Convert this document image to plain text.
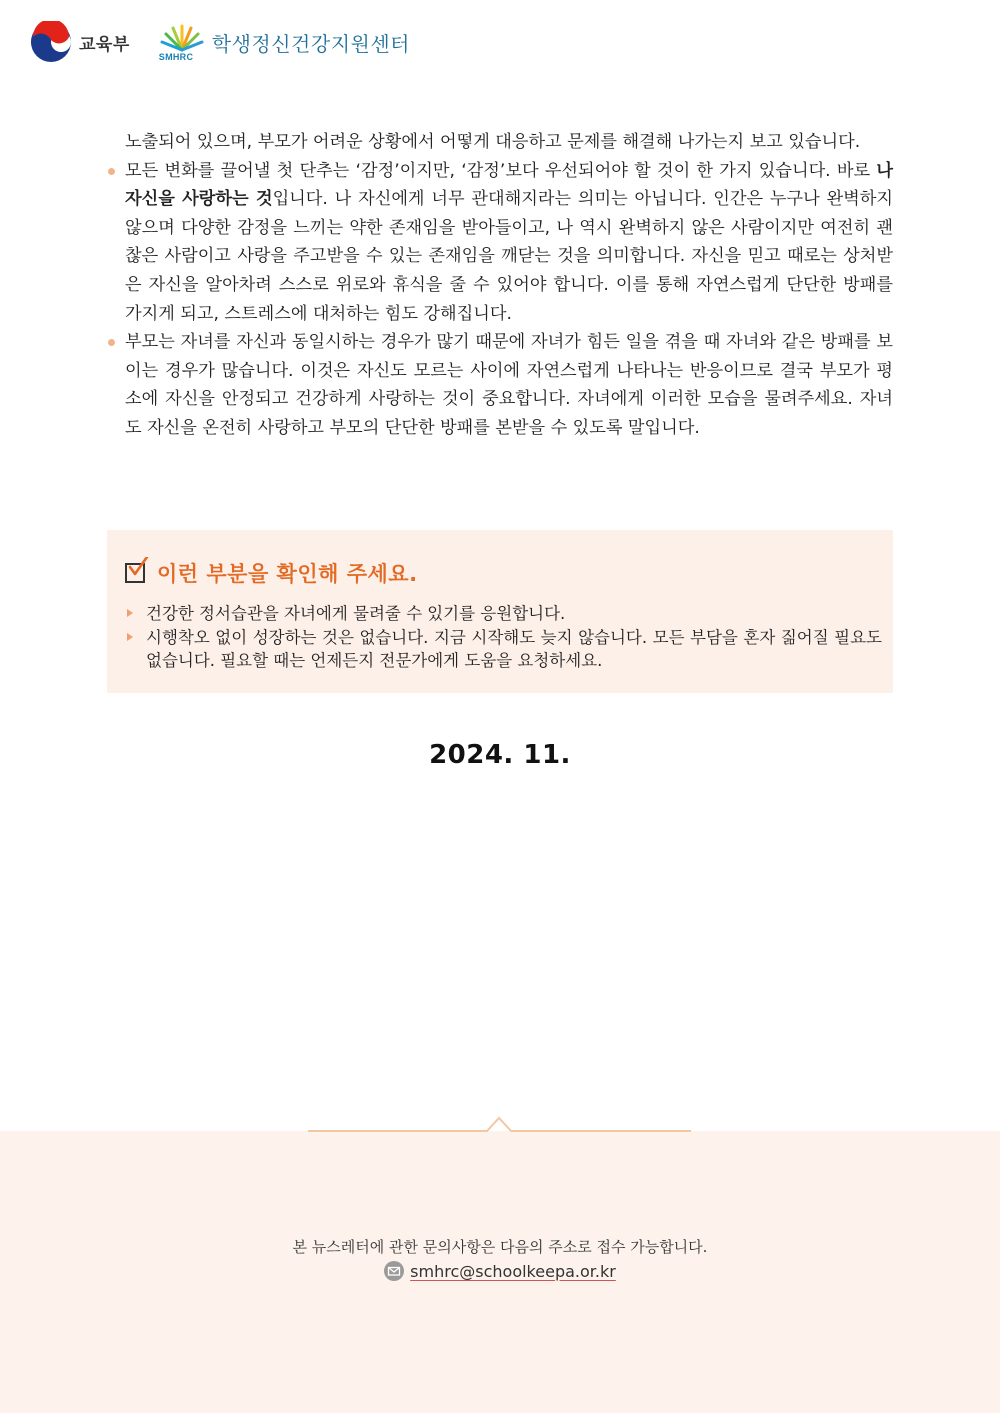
교육부
SMHRC
학생정신건강지원센터

노출되어 있으며, 부모가 어려운 상황에서 어떻게 대응하고 문제를 해결해 나가는지 보고 있습니다.

모든 변화를 끌어낼 첫 단추는 ‘감정’이지만, ‘감정’보다 우선되어야 할 것이 한 가지 있습니다. 바로 나 자신을 사랑하는 것입니다. 나 자신에게 너무 관대해지라는 의미는 아닙니다. 인간은 누구나 완벽하지 않으며 다양한 감정을 느끼는 약한 존재임을 받아들이고, 나 역시 완벽하지 않은 사람이지만 여전히 괜찮은 사람이고 사랑을 주고받을 수 있는 존재임을 깨닫는 것을 의미합니다. 자신을 믿고 때로는 상처받은 자신을 알아차려 스스로 위로와 휴식을 줄 수 있어야 합니다. 이를 통해 자연스럽게 단단한 방패를 가지게 되고, 스트레스에 대처하는 힘도 강해집니다.

부모는 자녀를 자신과 동일시하는 경우가 많기 때문에 자녀가 힘든 일을 겪을 때 자녀와 같은 방패를 보이는 경우가 많습니다. 이것은 자신도 모르는 사이에 자연스럽게 나타나는 반응이므로 결국 부모가 평소에 자신을 안정되고 건강하게 사랑하는 것이 중요합니다. 자녀에게 이러한 모습을 물려주세요. 자녀도 자신을 온전히 사랑하고 부모의 단단한 방패를 본받을 수 있도록 말입니다.

이런 부분을 확인해 주세요.
건강한 정서습관을 자녀에게 물려줄 수 있기를 응원합니다.
시행착오 없이 성장하는 것은 없습니다. 지금 시작해도 늦지 않습니다. 모든 부담을 혼자 짊어질 필요도 없습니다. 필요할 때는 언제든지 전문가에게 도움을 요청하세요.
2024. 11.
본 뉴스레터에 관한 문의사항은 다음의 주소로 접수 가능합니다.
smhrc@schoolkeepa.or.kr
